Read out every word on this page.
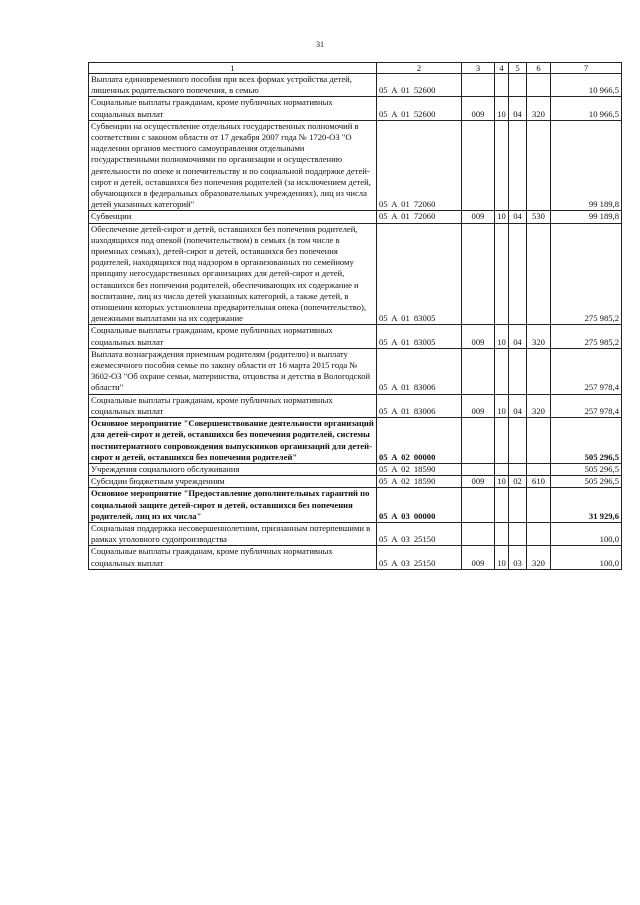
31
1	2	3	4	5	6	7
Выплата единовременного пособия при всех формах устройства детей, лишенных родительского попечения, в семью	05 A 01 52600					10 966,5
Социальные выплаты гражданам, кроме публичных нормативных социальных выплат	05 A 01 52600	009	10	04	320	10 966,5
Субвенции на осуществление отдельных государственных полномочий в соответствии с законом области от 17 декабря 2007 года № 1720-ОЗ "О наделении органов местного самоуправления отдельными государственными полномочиями по организации и осуществлению деятельности по опеке и попечительству и по социальной поддержке детей-сирот и детей, оставшихся без попечения родителей (за исключением детей, обучающихся в федеральных образовательных учреждениях), лиц из числа детей указанных категорий"	05 A 01 72060					99 189,8
Субвенции	05 A 01 72060	009	10	04	530	99 189,8
Обеспечение детей-сирот и детей, оставшихся без попечения родителей, находящихся под опекой (попечительством) в семьях (в том числе в приемных семьях), детей-сирот и детей, оставшихся без попечения родителей, находящихся под надзором в организованных по семейному принципу негосударственных организациях для детей-сирот и детей, оставшихся без попечения родителей, обеспечивающих их содержание и воспитание, лиц из числа детей указанных категорий, а также детей, в отношении которых установлена предварительная опека (попечительство), денежными выплатами на их содержание	05 A 01 83005					275 985,2
Социальные выплаты гражданам, кроме публичных нормативных социальных выплат	05 A 01 83005	009	10	04	320	275 985,2
Выплата вознаграждения приемным родителям (родителю) и выплату ежемесячного пособия семье по закону области от 16 марта 2015 года № 3602-ОЗ "Об охране семьи, материнства, отцовства и детства в Вологодской области"	05 A 01 83006					257 978,4
Социальные выплаты гражданам, кроме публичных нормативных социальных выплат	05 A 01 83006	009	10	04	320	257 978,4
Основное мероприятие "Совершенствование деятельности организаций для детей-сирот и детей, оставшихся без попечения родителей, системы постинтернатного сопровождения выпускников организаций для детей-сирот и детей, оставшихся без попечения родителей"	05 A 02 00000					505 296,5
Учреждения социального обслуживания	05 A 02 18590					505 296,5
Субсидии бюджетным учреждениям	05 A 02 18590	009	10	02	610	505 296,5
Основное мероприятие "Предоставление дополнительных гарантий по социальной защите детей-сирот и детей, оставшихся без попечения родителей, лиц из их числа"	05 A 03 00000					31 929,6
Социальная поддержка несовершеннолетним, признанным потерпевшими в рамках уголовного судопроизводства	05 A 03 25150					100,0
Социальные выплаты гражданам, кроме публичных нормативных социальных выплат	05 A 03 25150	009	10	03	320	100,0
